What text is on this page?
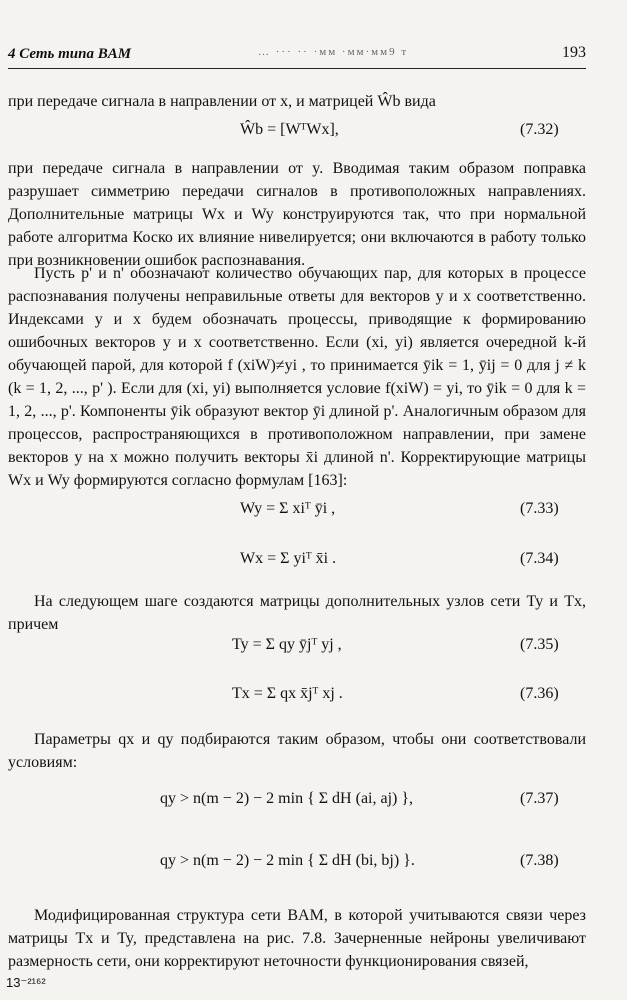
4 Сеть типа BAM	… ··· ·· ·ᴍᴍ ·ᴍᴍ·ᴍᴍ9 ᴛ	193

при передаче сигнала в направлении от x, и матрицей Ŵb вида

Ŵb = [WᵀWx],	(7.32)

при передаче сигнала в направлении от y. Вводимая таким образом поправка разрушает симметрию передачи сигналов в противоположных направлениях. Дополнительные матрицы Wx и Wy конструируются так, что при нормальной работе алгоритма Коско их влияние нивелируется; они включаются в работу только при возникновении ошибок распознавания.

Пусть p' и n' обозначают количество обучающих пар, для которых в процессе распознавания получены неправильные ответы для векторов y и x соответственно. Индексами y и x будем обозначать процессы, приводящие к формированию ошибочных векторов y и x соответственно. Если (xi, yi) является очередной k-й обучающей парой, для которой f (xiW)≠yi , то принимается ȳik = 1, ȳij = 0 для j ≠ k (k = 1, 2, ..., p' ). Если для (xi, yi) выполняется условие f(xiW) = yi, то ȳik = 0 для k = 1, 2, ..., p'. Компоненты ȳik образуют вектор ȳi длиной p'. Аналогичным образом для процессов, распространяющихся в противоположном направлении, при замене векторов y на x можно получить векторы x̄i длиной n'. Корректирующие матрицы Wx и Wy формируются согласно формулам [163]:

Wy = Σ xiᵀ ȳi ,	(7.33)
Wx = Σ yiᵀ x̄i .	(7.34)

На следующем шаге создаются матрицы дополнительных узлов сети Ty и Tx, причем

Ty = Σ qy ȳjᵀ yj ,	(7.35)
Tx = Σ qx x̄jᵀ xj .	(7.36)

Параметры qx и qy подбираются таким образом, чтобы они соответствовали условиям:

qy > n(m − 2) − 2 min { Σ dH (ai, aj) },	(7.37)
qy > n(m − 2) − 2 min { Σ dH (bi, bj) }.	(7.38)

Модифицированная структура сети BAM, в которой учитываются связи через матрицы Tx и Ty, представлена на рис. 7.8. Зачерненные нейроны увеличивают размерность сети, они корректируют неточности функционирования связей,

13⁻²¹⁶²
